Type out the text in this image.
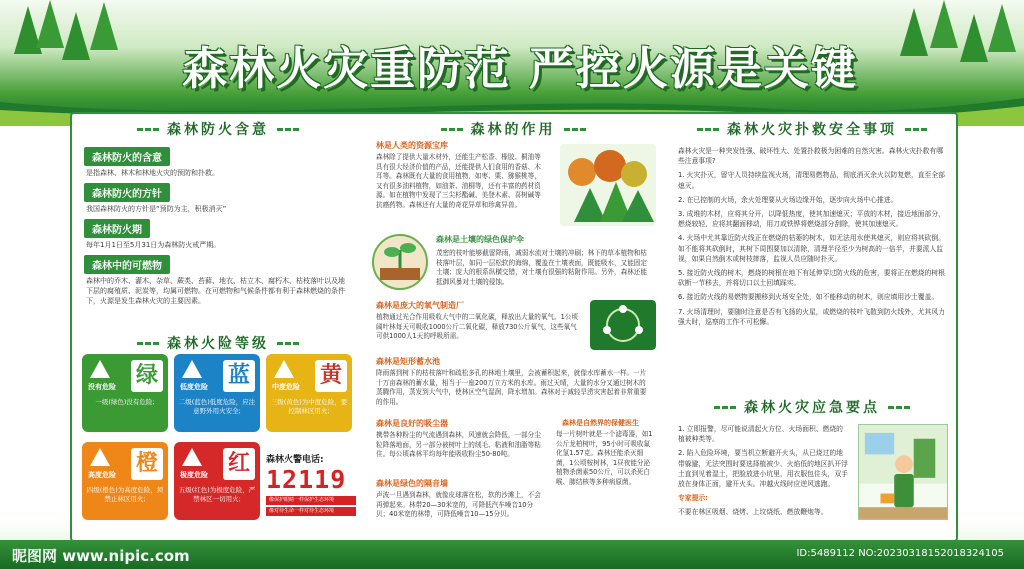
森林火灾重防范 严控火源是关键
森林防火含意
森林防火的含意
是指森林、林木和林地火灾的预防和扑救。
森林防火的方针
我国森林防火的方针是“预防为主，积极消灭”
森林防火期
每年1月1日至5月31日为森林防火戒严期。
森林中的可燃物
森林中的乔木、灌木、杂草、蕨类、苔藓、地衣、枯立木、腐朽木、枯枝落叶以及地下层的腐殖质、泥炭等，均属可燃物。在可燃物和气候条件都有利于森林燃烧的条件下，火源是发生森林火灾的主要因素。
森林火险等级
没有危险 绿
一级(绿色)没有危险;
低度危险 蓝
二级(蓝色)低度危险，应注意野外用火安全;
中度危险 黄
三级(黄色)为中度危险，要控制林区用火;
高度危险 橙
四级(橙色)为高度危险，须禁止林区用火;
极度危险 红
五级(红色)为极度危险，严禁林区一切用火;
森林火警电话:
12119
像保护眼睛一样保护生态环境
像对待生命一样对待生态环境
森林的作用
林是人类的资源宝库
森林除了提供大量木材外，还能生产松香、橡胶、桐油等具有很大经济价值的产品，还能提供人们食用的香菇、木耳等。森林既有大量的食用植物，如枣、栗、猕猴桃等，又有很多油料植物，如油茶、油桐等，还有丰富的药材资源。如在植物中发现了三尖杉酯碱、美登木素、喜树碱等抗癌药物。森林还有大量的奇花异草和珍禽异兽。
森林是土壤的绿色保护伞
茂密的枝叶能够截留降雨，减弱水流对土壤的冲刷；林下的草本植物和枯枝落叶层，如同一层松软的海绵，覆盖在土壤表面，既能吸水，又能固定土壤；庞大的根系纵横交错，对土壤有很强的粘附作用。另外，森林还能抵御风暴对土壤的侵蚀。
森林是庞大的氧气制造厂
植物通过光合作用吸收大气中的二氧化碳，释放出大量的氧气。1公顷阔叶林每天可吸收1000公斤二氧化碳，释放730公斤氧气，这些氧气可供1000人1天的呼吸所需。
森林是矩形蓄水池
降雨落到树下的枯枝落叶和疏松多孔的林地土壤里，会被蓄积起来，就像水库蓄水一样。一片十万亩森林的蓄水量，相当于一座200万立方米的水库。雨过天晴，大量的水分又通过树木的蒸腾作用，蒸发到大气中，使林区空气湿润，降水增加。森林对于减轻旱涝灾害起着非常重要的作用。
森林是良好的吸尘器
携带各种粉尘的气流遇到森林，风速就会降低，一部分尘粒降落地面，另一部分被树叶上的绒毛、粘液和油脂等粘住。每公顷森林平均每年能吸收粉尘50-80吨。
森林是自然界的保健医生
每一片树叶就是一个滤毒器，如1公斤龙柏树叶，95小时可吸收氟化氢1.57克。森林还能杀灭细菌，1公顷桉树林，1昼夜能分泌植物杀菌素50公斤，可以杀死白喉、肺结核等多种病原菌。
森林是绿色的隔音墙
声波一旦遇到森林，就像皮球落在松，软的沙滩上，不会再弹起来。林带20—30米宽的，可降低汽车噪音10分贝；40米宽的林带，可降低噪音10—15分贝。
森林火灾扑救安全事项
森林火灾是一种突发性强、破坏性大、处置扑救极为困难的自然灾害。森林火灾扑救有哪些注意事项?
1. 火灾扑灭，留守人员持续监视火场，清理易燃物品，彻底消灭余火以防复燃，直至全部熄灭。
2. 在已控制的火场，余火处理要从火场边缘开始，逐步向火场中心推进。
3. 成堆的木材，应将其分开，以降低热度，使其加速熄灭；平放的木材，接近地面部分，燃烧较轻，应将其翻面移动，用刀或铁铧将燃烧部分刮除，使其加速熄灭。
4. 火场中尤其靠近防火线正在燃烧的枯萎的树木，如无法用水使其熄灭，则应将其砍倒。如不能将其砍倒时，其树下周围要加以清除，清理半径至少为树高的一倍半，并要派人监视，如果自然倒木或树枝摔落，监视人员应随时扑灭。
5. 接近防火线的树木，燃烧的树根在地下有延伸穿过防火线的危害，要将正在燃烧的树根砍断一节移去，并将切口以土回填踩实。
6. 接近防火线的易燃物要搬移到火场安全处，如不能移动的树木，则应填用沙土覆盖。
7. 火场清理时，要随时注意是否有飞扬的火星，或燃烧的枝叶飞散到防火线外，尤其风力强大时，巡察的工作不可松懈。
森林火灾应急要点
1. 立即报警，尽可能说清起火方位、火场面积、燃烧的植被种类等。
2. 陷入危险环境，要当机立断避开火头，从已烧过的地带躲避，无法突围时要选择植被少、火焰低的地区扒开浮土直到见着湿土，把脸放进小坑里，用衣服包住头，双手放在身体正面，避开火头。冲越火线时应逆风逃跑。
专家提示:
不要在林区吸烟、烧烤、上坟烧纸、燃放鞭炮等。
昵图网 www.nipic.com	ID:5489112 NO:20230318152018324105
